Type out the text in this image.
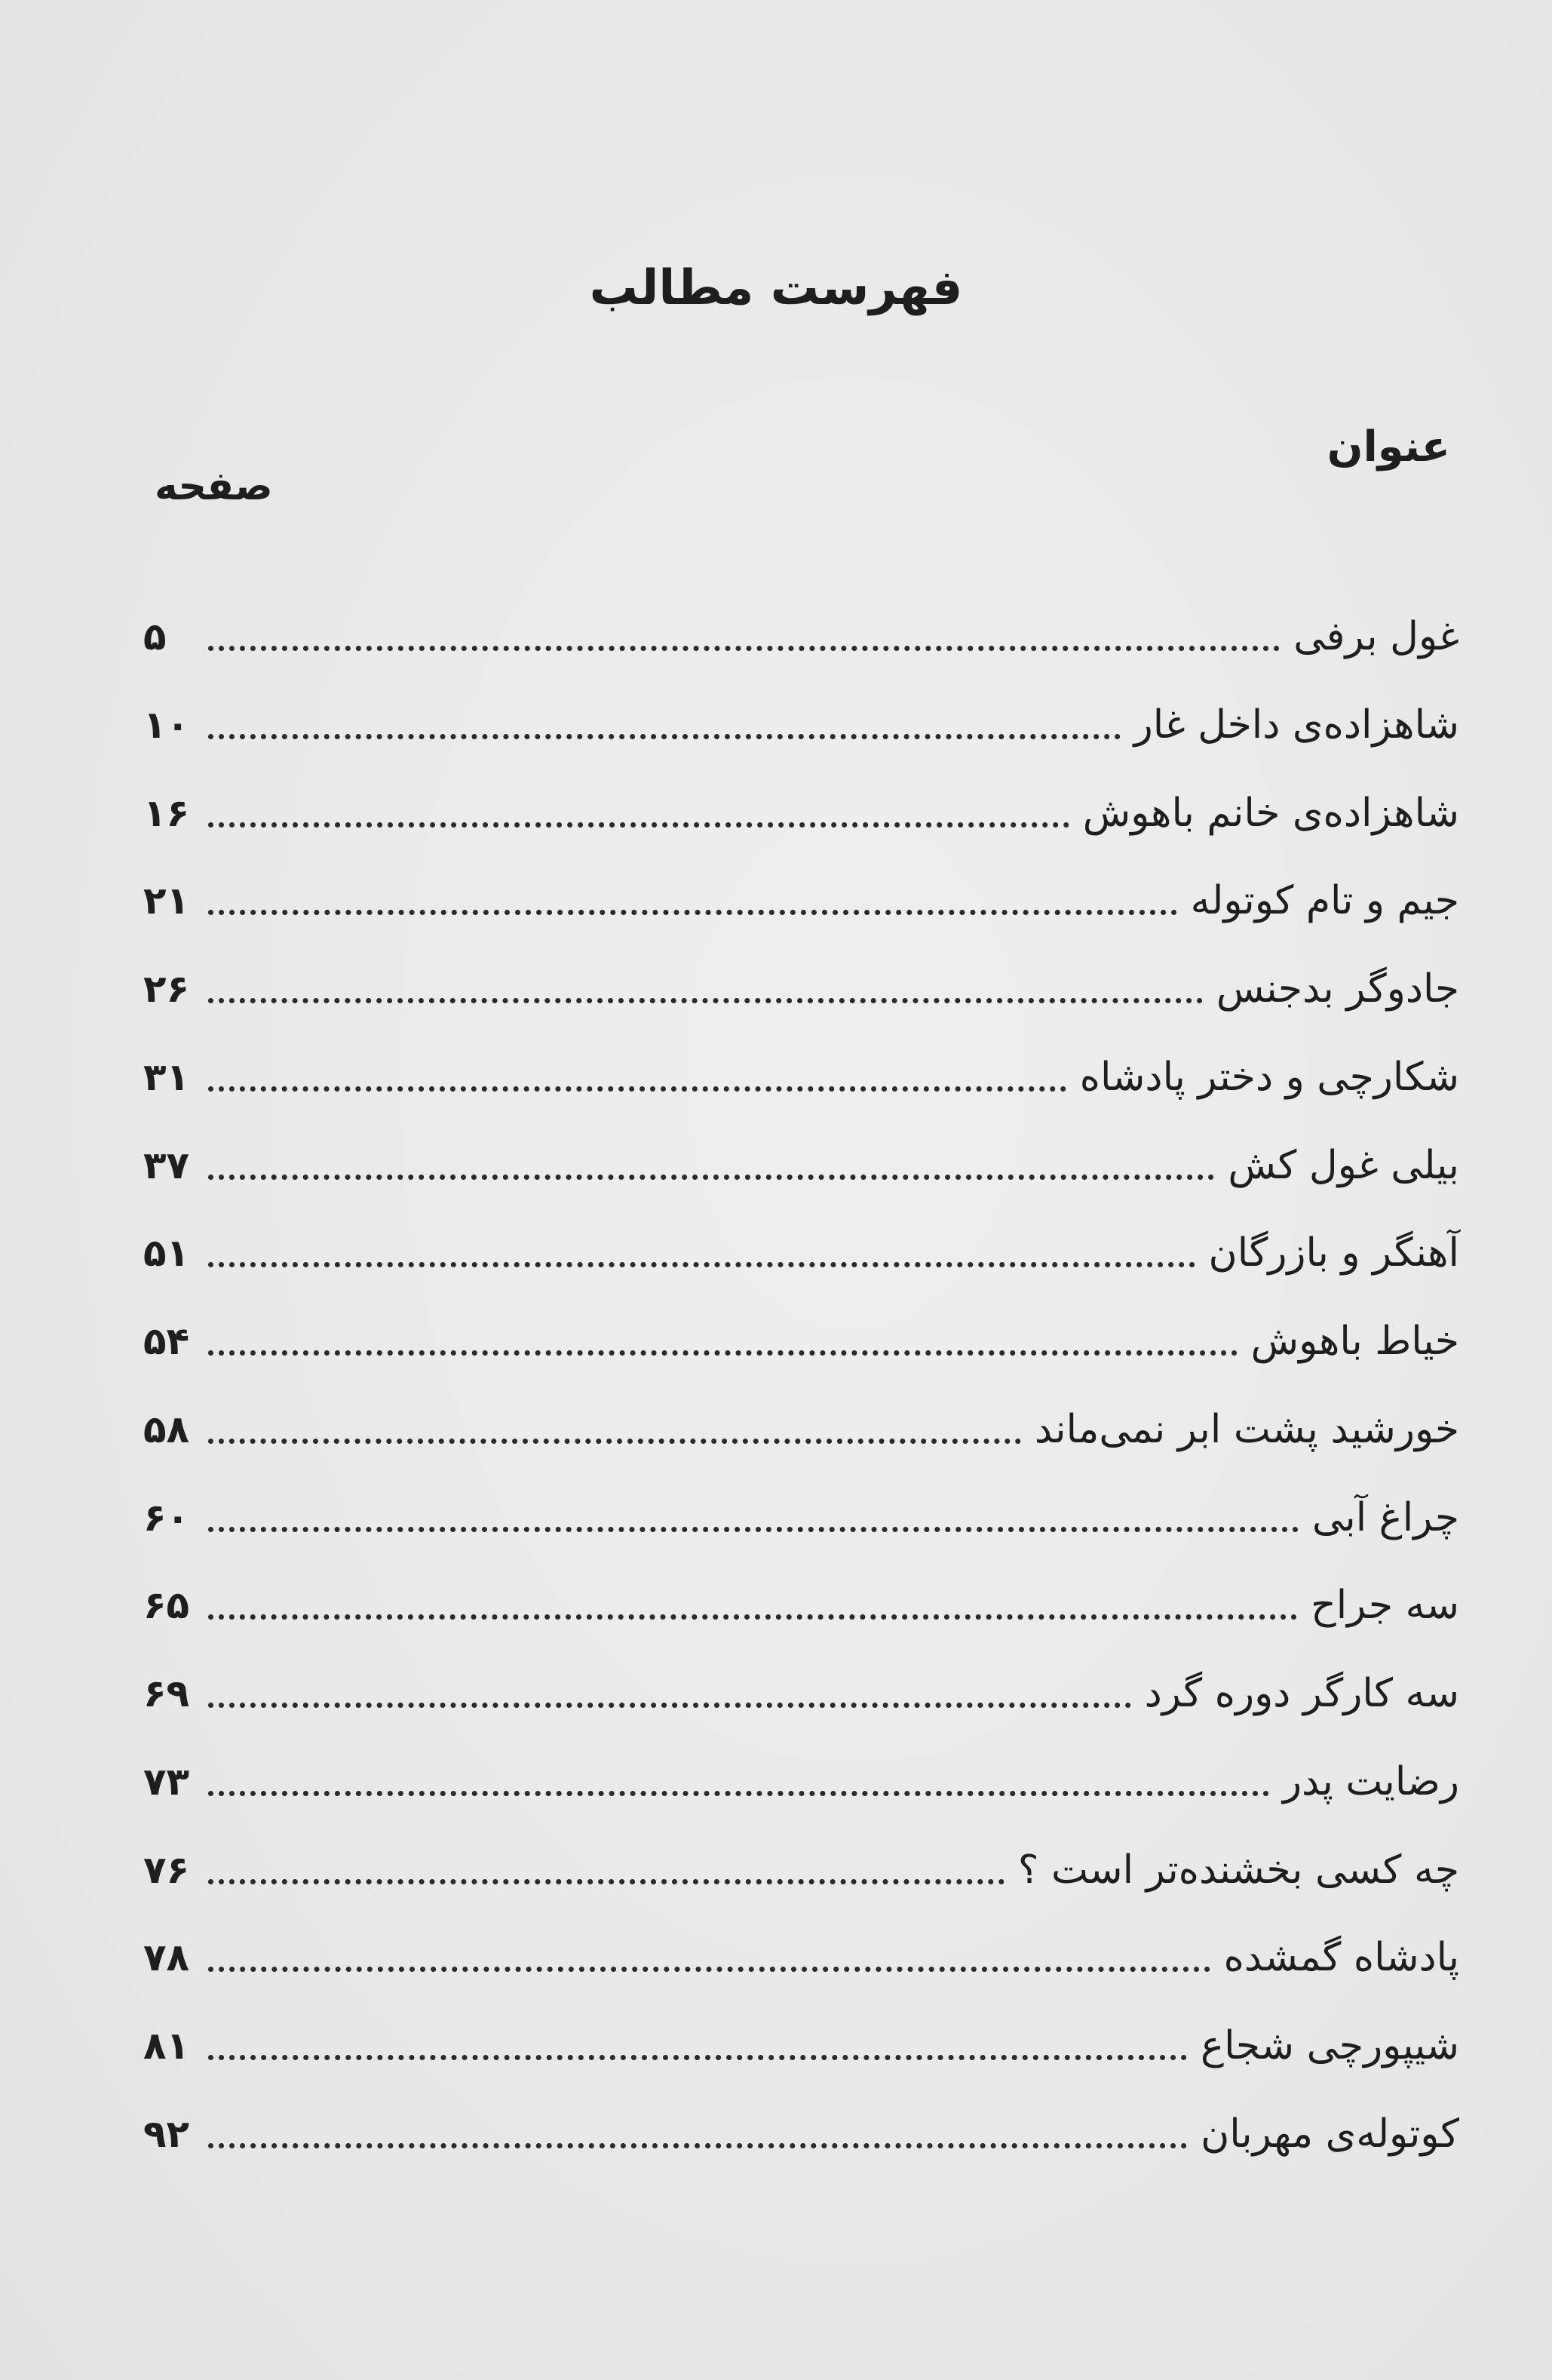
فهرست مطالب
عنوان
صفحه
غول برفی
۵
شاهزاده‌ی داخل غار
۱۰
شاهزاده‌ی خانم باهوش
۱۶
جیم و تام کوتوله
۲۱
جادوگر بدجنس
۲۶
شکارچی و دختر پادشاه
۳۱
بیلی غول کش
۳۷
آهنگر و بازرگان
۵۱
خیاط باهوش
۵۴
خورشید پشت ابر نمی‌ماند
۵۸
چراغ آبی
۶۰
سه جراح
۶۵
سه کارگر دوره گرد
۶۹
رضایت پدر
۷۳
چه کسی بخشنده‌تر است ؟
۷۶
پادشاه گمشده
۷۸
شیپورچی شجاع
۸۱
کوتوله‌ی مهربان
۹۲
